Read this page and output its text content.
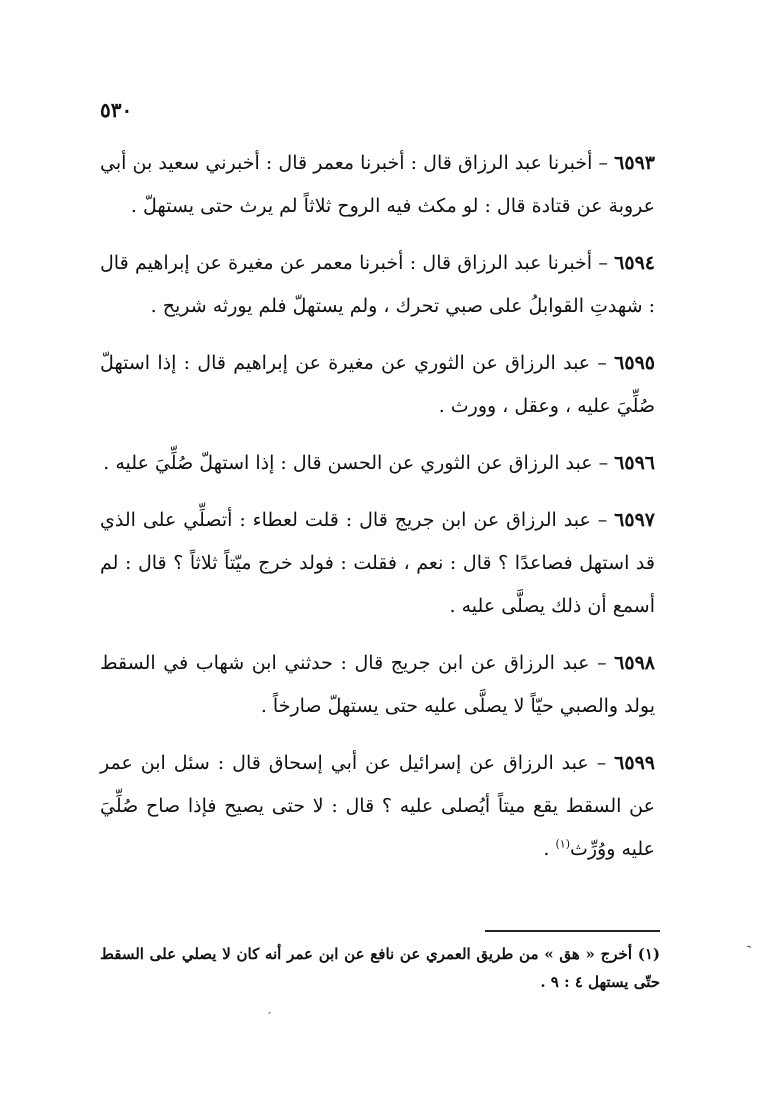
٥٣٠

٦٥٩٣ – أخبرنا عبد الرزاق قال : أخبرنا معمر قال : أخبرني سعيد بن أبي عروبة عن قتادة قال : لو مكث فيه الروح ثلاثاً لم يرث حتى يستهلّ .

٦٥٩٤ – أخبرنا عبد الرزاق قال : أخبرنا معمر عن مغيرة عن إبراهيم قال : شهدتِ القوابلُ على صبي تحرك ، ولم يستهلّ فلم يورثه شريح .

٦٥٩٥ – عبد الرزاق عن الثوري عن مغيرة عن إبراهيم قال : إذا استهلّ صُلِّيَ عليه ، وعقل ، وورث .

٦٥٩٦ – عبد الرزاق عن الثوري عن الحسن قال : إذا استهلّ صُلِّيَ عليه .

٦٥٩٧ – عبد الرزاق عن ابن جريج قال : قلت لعطاء : أتصلِّي على الذي قد استهل فصاعدًا ؟ قال : نعم ، فقلت : فولد خرج ميّتاً ثلاثاً ؟ قال : لم أسمع أن ذلك يصلَّى عليه .

٦٥٩٨ – عبد الرزاق عن ابن جريج قال : حدثني ابن شهاب في السقط يولد والصبي حيّاً لا يصلَّى عليه حتى يستهلّ صارخاً .

٦٥٩٩ – عبد الرزاق عن إسرائيل عن أبي إسحاق قال : سئل ابن عمر عن السقط يقع ميتاً أيُصلى عليه ؟ قال : لا حتى يصيح فإذا صاح صُلِّيَ عليه ووُرِّث$^{(١)}$ .

(١) أخرج « هق » من طريق العمري عن نافع عن ابن عمر أنه كان لا يصلي على السقط حتّى يستهل ٤ : ٩ .

ˎ
ˏ
